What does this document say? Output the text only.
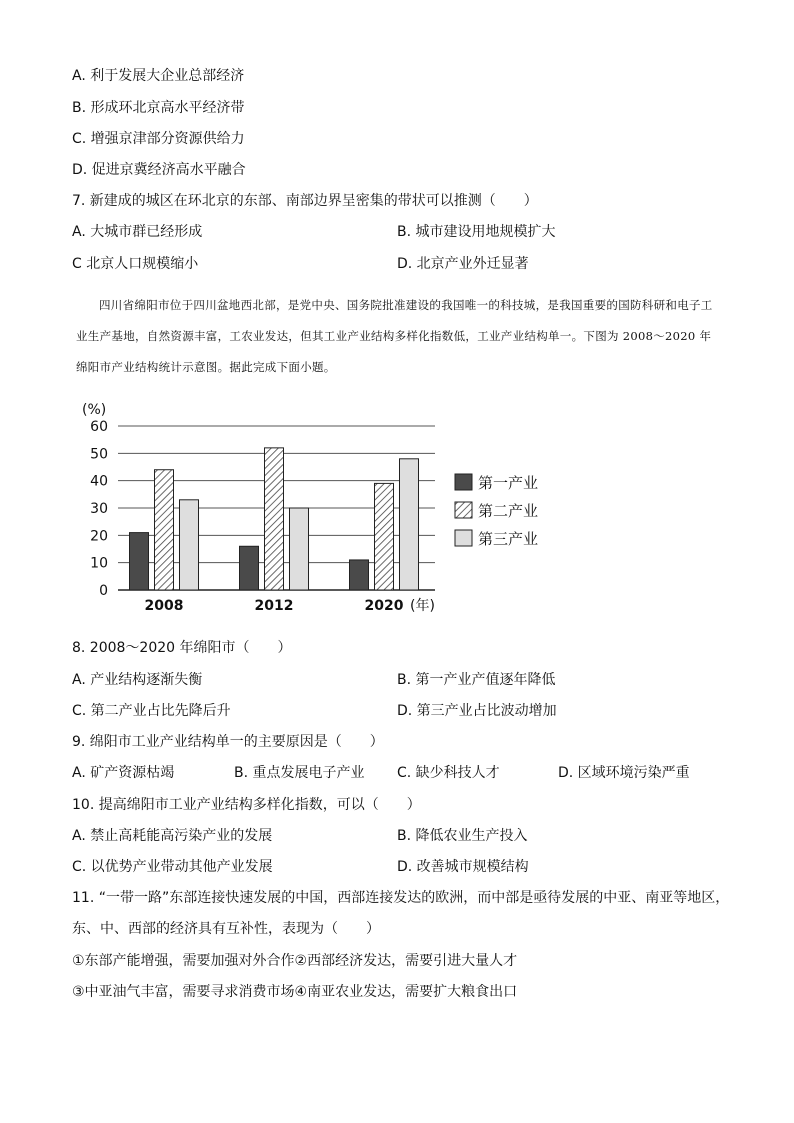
A. 利于发展大企业总部经济
B. 形成环北京高水平经济带
C. 增强京津部分资源供给力
D. 促进京冀经济高水平融合
7. 新建成的城区在环北京的东部、南部边界呈密集的带状可以推测（　　）
A. 大城市群已经形成	B. 城市建设用地规模扩大
C 北京人口规模缩小	D. 北京产业外迁显著
四川省绵阳市位于四川盆地西北部，是党中央、国务院批准建设的我国唯一的科技城，是我国重要的国防科研和电子工业生产基地，自然资源丰富，工农业发达，但其工业产业结构多样化指数低，工业产业结构单一。下图为 2008～2020 年绵阳市产业结构统计示意图。据此完成下面小题。
0
10
20
30
40
50
60
(%)
2008	2012	2020 (年)
第一产业
第二产业
第三产业
8. 2008～2020 年绵阳市（　　）
A. 产业结构逐渐失衡	B. 第一产业产值逐年降低
C. 第二产业占比先降后升	D. 第三产业占比波动增加
9. 绵阳市工业产业结构单一的主要原因是（　　）
A. 矿产资源枯竭	B. 重点发展电子产业 C. 缺少科技人才	D. 区域环境污染严重
10. 提高绵阳市工业产业结构多样化指数，可以（　　）
A. 禁止高耗能高污染产业的发展	B. 降低农业生产投入
C. 以优势产业带动其他产业发展	D. 改善城市规模结构
11. “一带一路”东部连接快速发展的中国，西部连接发达的欧洲，而中部是亟待发展的中亚、南亚等地区，
东、中、西部的经济具有互补性，表现为（　　）
①东部产能增强，需要加强对外合作②西部经济发达，需要引进大量人才
③中亚油气丰富，需要寻求消费市场④南亚农业发达，需要扩大粮食出口
